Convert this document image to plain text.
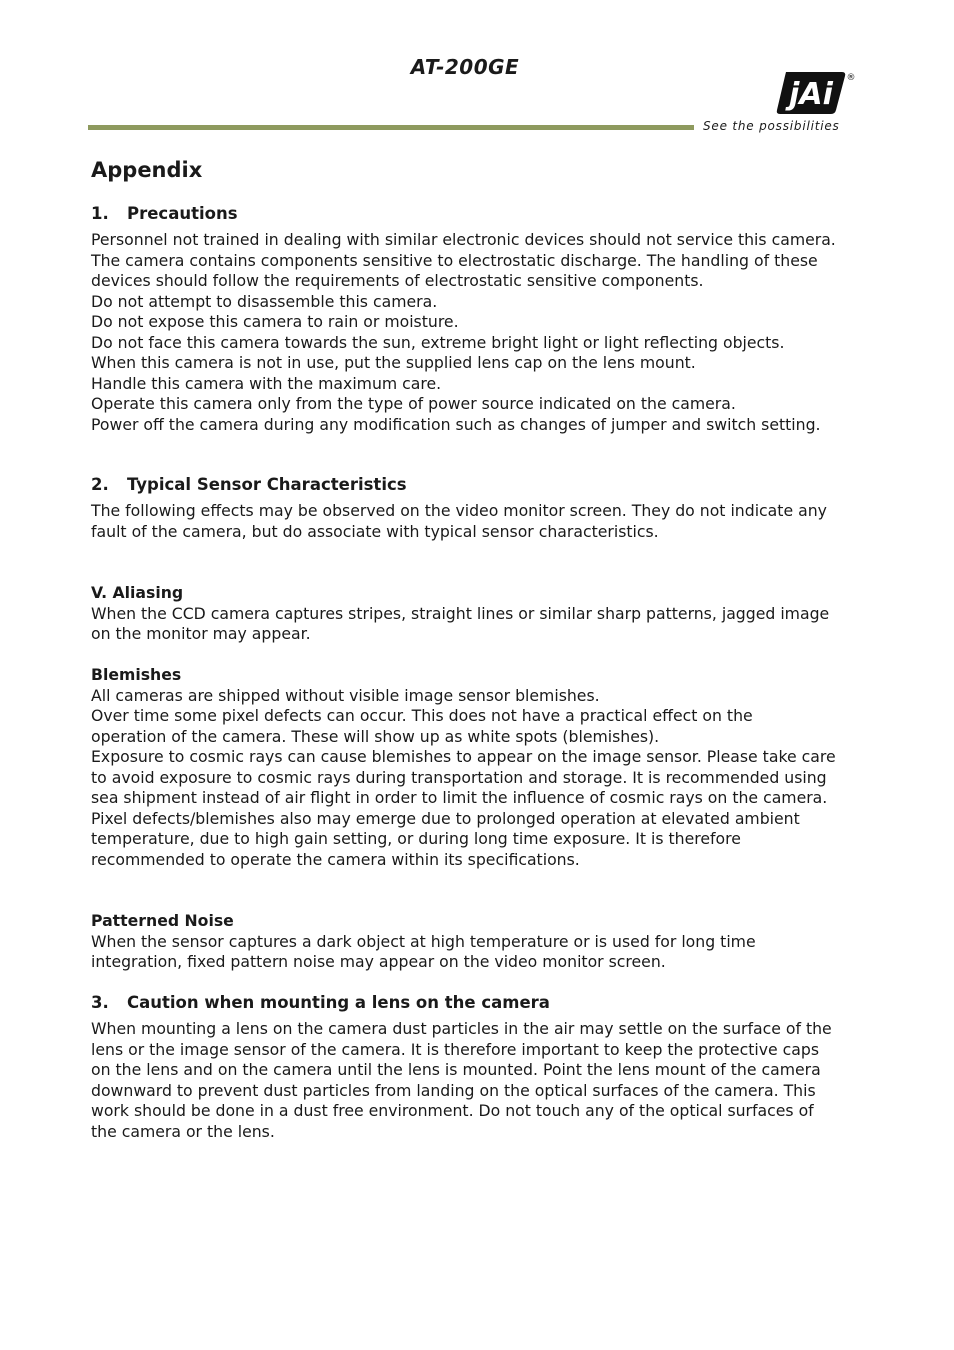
AT-200GE
jAi ®
See the possibilities
Appendix
1. Precautions
Personnel not trained in dealing with similar electronic devices should not service this camera.
The camera contains components sensitive to electrostatic discharge. The handling of these
devices should follow the requirements of electrostatic sensitive components.
Do not attempt to disassemble this camera.
Do not expose this camera to rain or moisture.
Do not face this camera towards the sun, extreme bright light or light reflecting objects.
When this camera is not in use, put the supplied lens cap on the lens mount.
Handle this camera with the maximum care.
Operate this camera only from the type of power source indicated on the camera.
Power off the camera during any modification such as changes of jumper and switch setting.
2. Typical Sensor Characteristics
The following effects may be observed on the video monitor screen. They do not indicate any
fault of the camera, but do associate with typical sensor characteristics.
V. Aliasing
When the CCD camera captures stripes, straight lines or similar sharp patterns, jagged image
on the monitor may appear.
Blemishes
All cameras are shipped without visible image sensor blemishes.
Over time some pixel defects can occur. This does not have a practical effect on the
operation of the camera. These will show up as white spots (blemishes).
Exposure to cosmic rays can cause blemishes to appear on the image sensor. Please take care
to avoid exposure to cosmic rays during transportation and storage. It is recommended using
sea shipment instead of air flight in order to limit the influence of cosmic rays on the camera.
Pixel defects/blemishes also may emerge due to prolonged operation at elevated ambient
temperature, due to high gain setting, or during long time exposure. It is therefore
recommended to operate the camera within its specifications.
Patterned Noise
When the sensor captures a dark object at high temperature or is used for long time
integration, fixed pattern noise may appear on the video monitor screen.
3. Caution when mounting a lens on the camera
When mounting a lens on the camera dust particles in the air may settle on the surface of the
lens or the image sensor of the camera. It is therefore important to keep the protective caps
on the lens and on the camera until the lens is mounted. Point the lens mount of the camera
downward to prevent dust particles from landing on the optical surfaces of the camera. This
work should be done in a dust free environment. Do not touch any of the optical surfaces of
the camera or the lens.
